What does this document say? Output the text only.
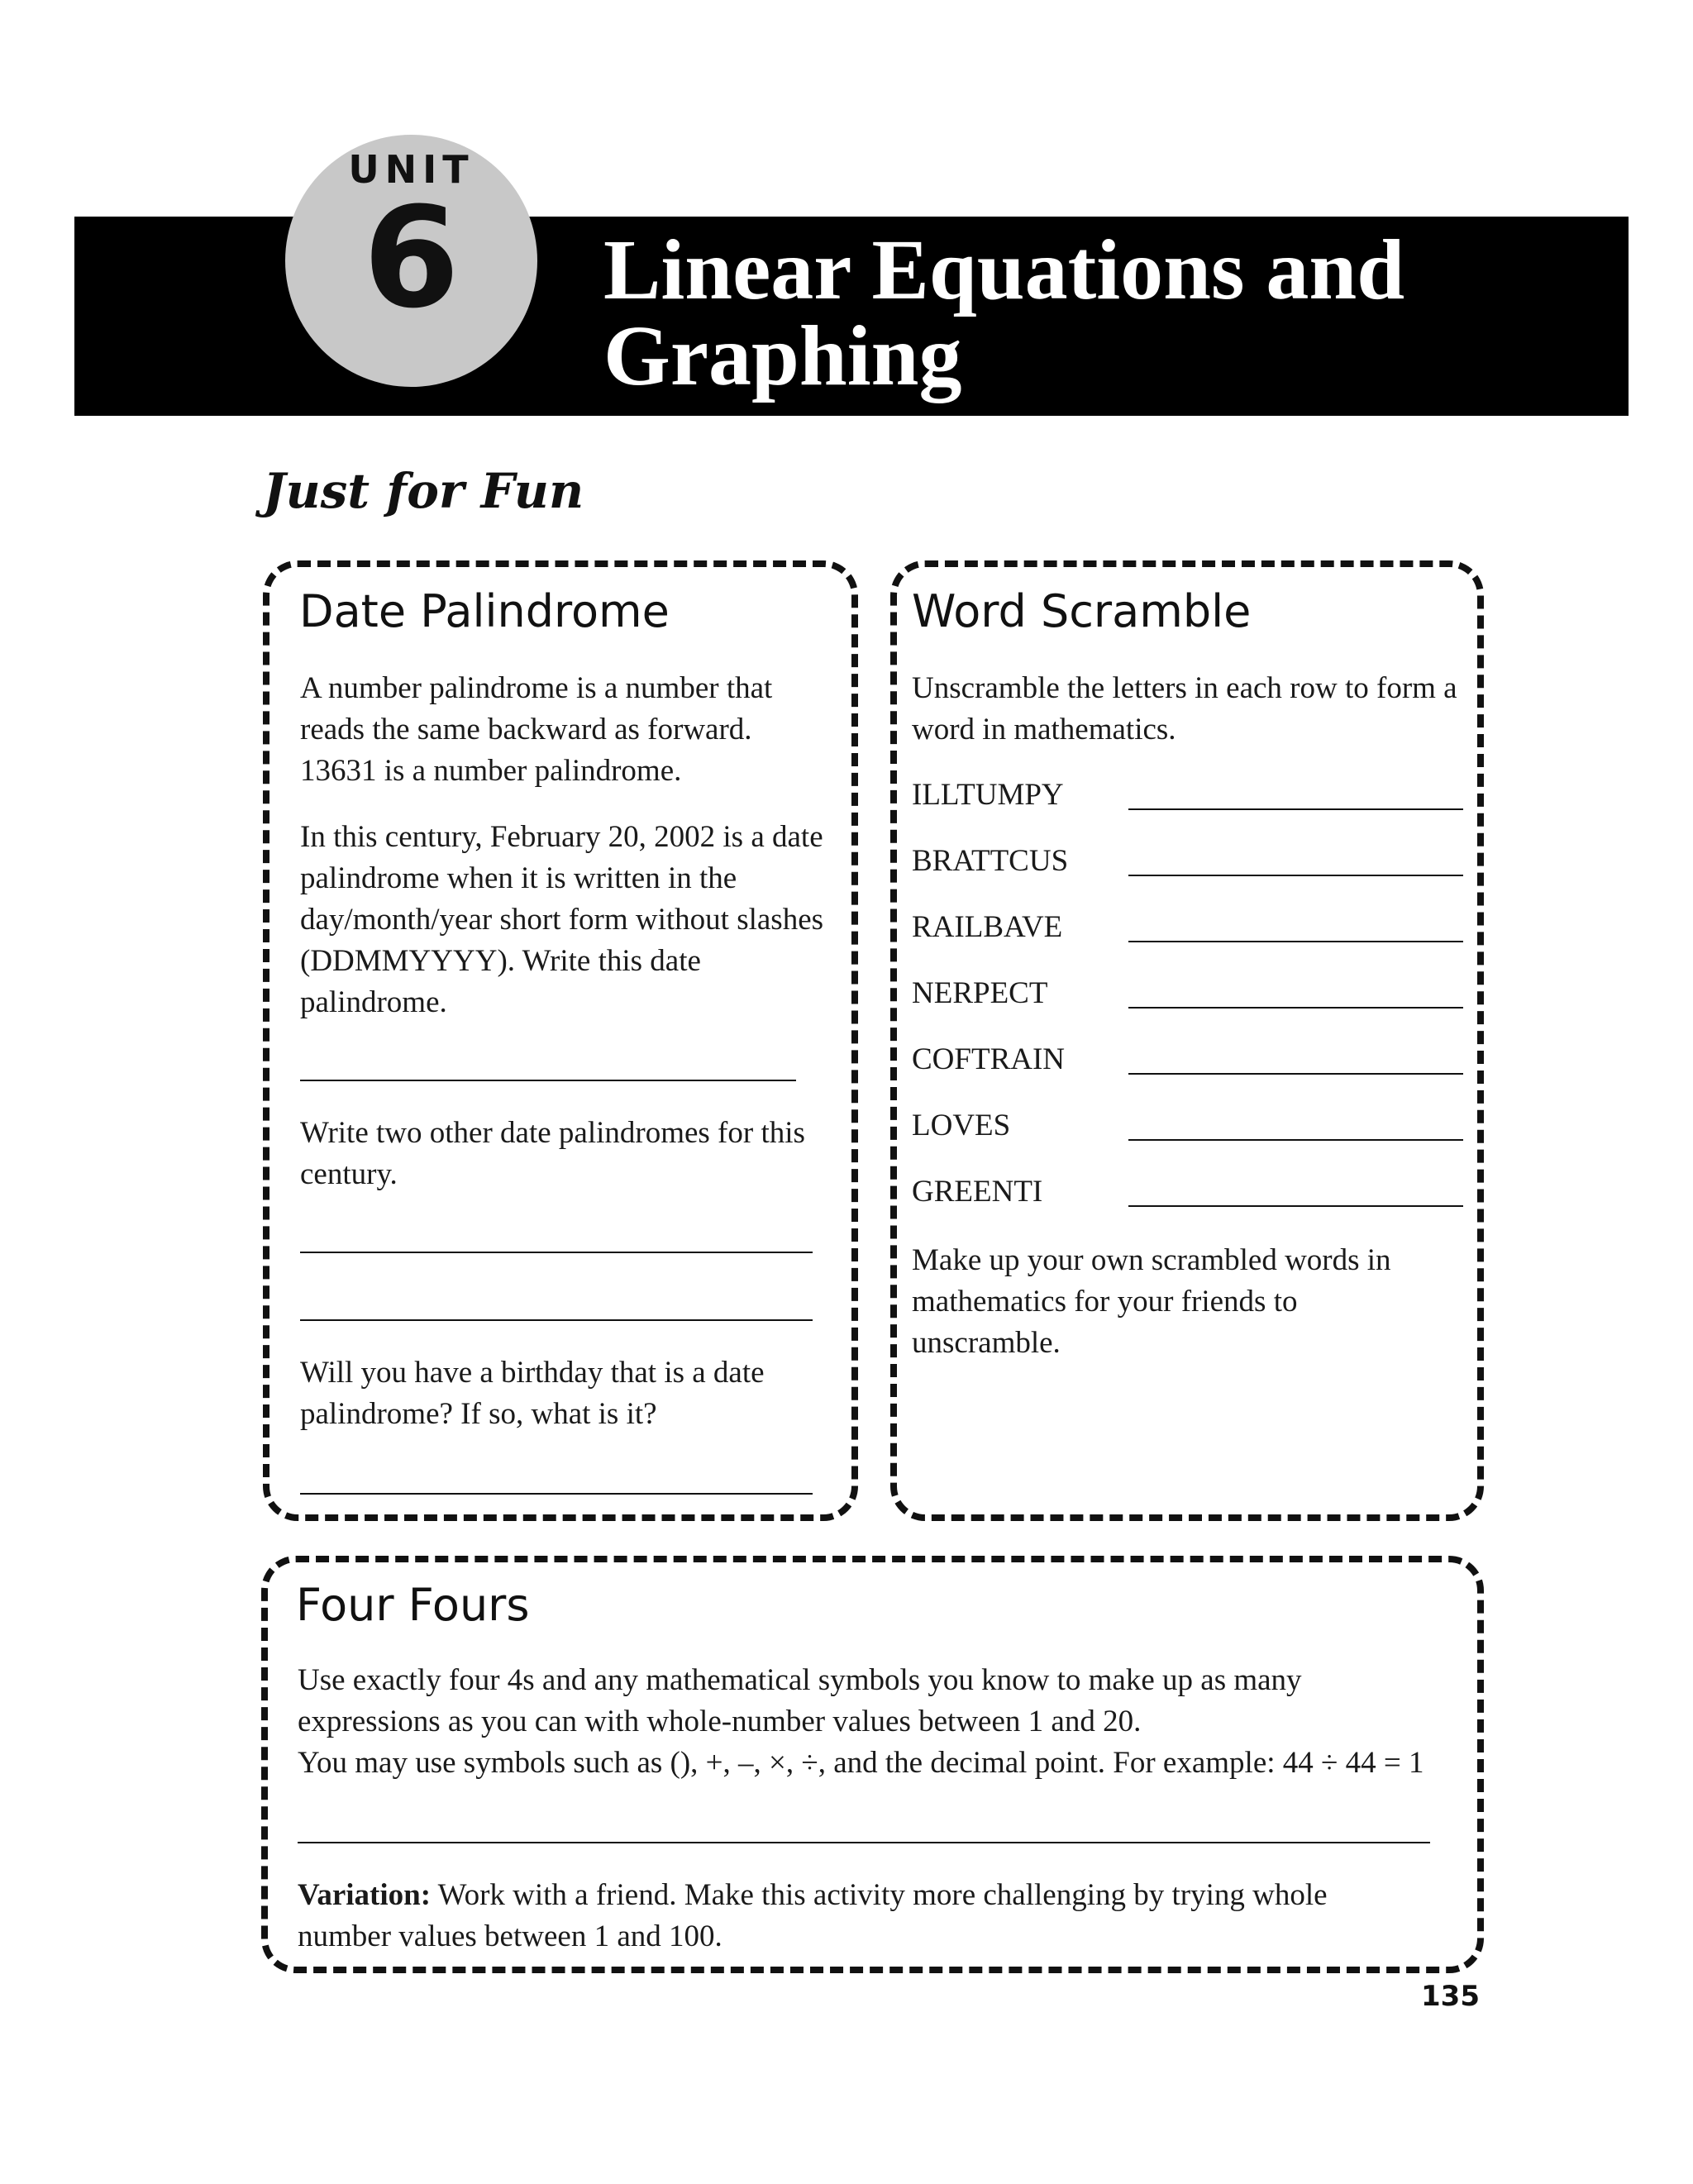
UNIT
6	Linear Equations and
Graphing
Just for Fun
Date Palindrome
A number palindrome is a number that reads the same backward as forward. 13631 is a number palindrome.
In this century, February 20, 2002 is a date palindrome when it is written in the day/month/year short form without slashes (DDMMYYYY). Write this date palindrome.
Write two other date palindromes for this century.
Will you have a birthday that is a date palindrome? If so, what is it?
Word Scramble
Unscramble the letters in each row to form a word in mathematics.
ILLTUMPY
BRATTCUS
RAILBAVE
NERPECT
COFTRAIN
LOVES
GREENTI
Make up your own scrambled words in mathematics for your friends to unscramble.
Four Fours
Use exactly four 4s and any mathematical symbols you know to make up as many
expressions as you can with whole-number values between 1 and 20.
You may use symbols such as (), +, –, ×, ÷, and the decimal point. For example: 44 ÷ 44 = 1
Variation: Work with a friend. Make this activity more challenging by trying whole number values between 1 and 100.
135
